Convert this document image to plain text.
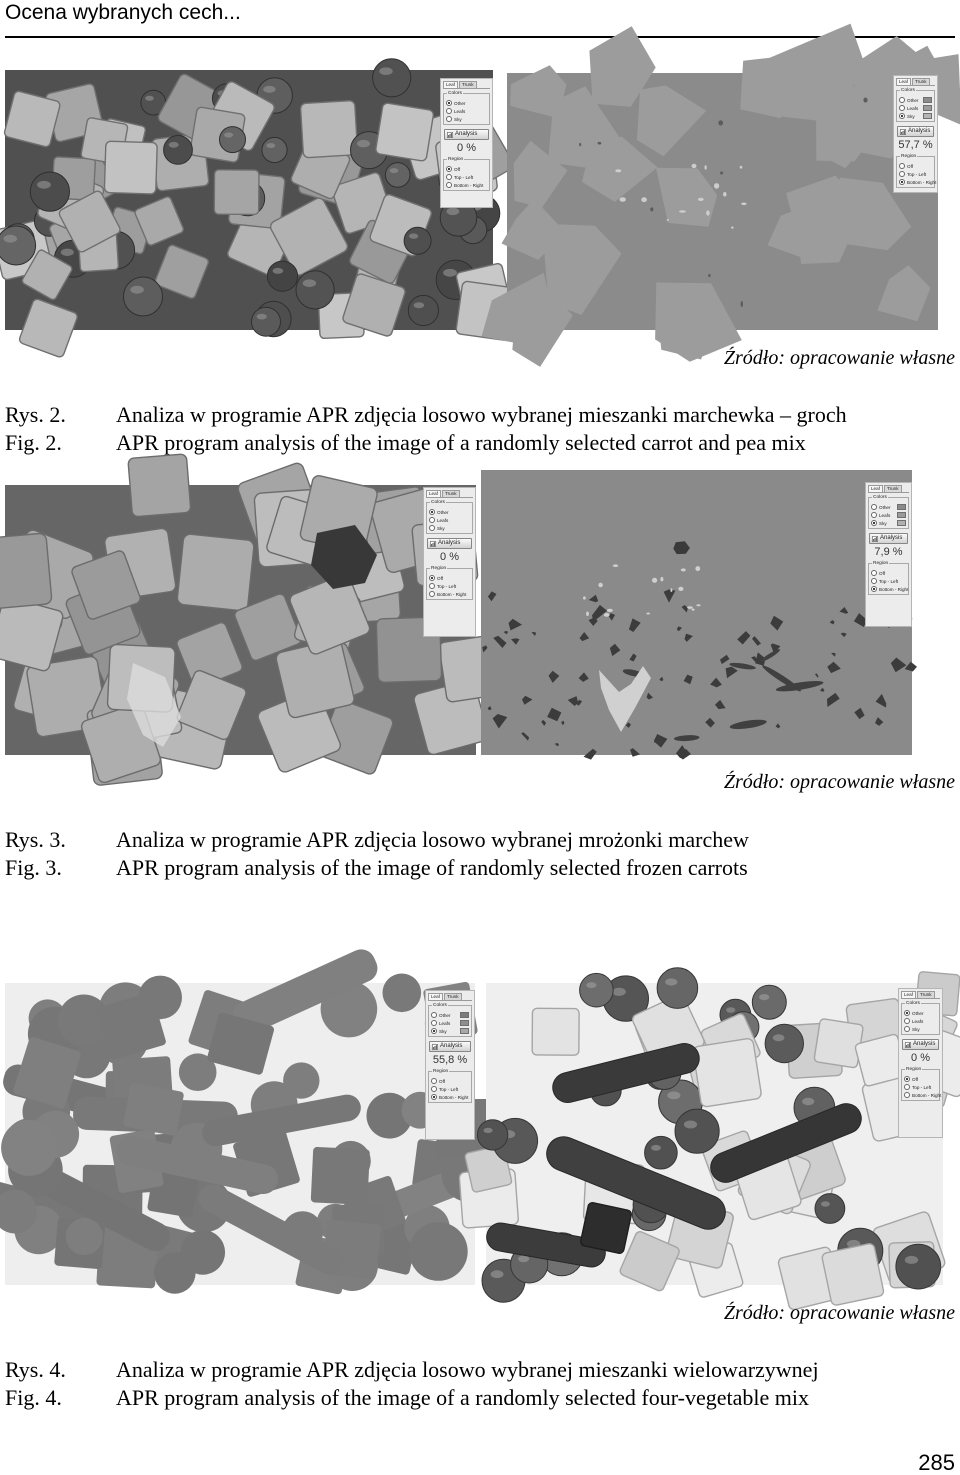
Ocena wybranych cech...
Leaf	Trunk
Colors
Other
Leafs
Sky
Analysis
0 %
Region
Off
Top - Left
Bottom - Right
Leaf	Trunk
Colors
Other
Leafs
Sky
Analysis
57,7 %
Region
Off
Top - Left
Bottom - Right
Źródło: opracowanie własne
Rys. 2. Analiza w programie APR zdjęcia losowo wybranej mieszanki marchewka – groch
Fig. 2. APR program analysis of the image of a randomly selected carrot and pea mix
Leaf	Trunk
Colors
Other
Leafs
Sky
Analysis
0 %
Region
Off
Top - Left
Bottom - Right
Leaf	Trunk
Colors
Other
Leafs
Sky
Analysis
7,9 %
Region
Off
Top - Left
Bottom - Right
Źródło: opracowanie własne
Rys. 3. Analiza w programie APR zdjęcia losowo wybranej mrożonki marchew
Fig. 3. APR program analysis of the image of randomly selected frozen carrots
Leaf	Trunk
Colors
Other
Leafs
Sky
Analysis
55,8 %
Region
Off
Top - Left
Bottom - Right
Leaf	Trunk
Colors
Other
Leafs
Sky
Analysis
0 %
Region
Off
Top - Left
Bottom - Right
Źródło: opracowanie własne
Rys. 4. Analiza w programie APR zdjęcia losowo wybranej mieszanki wielowarzywnej
Fig. 4. APR program analysis of the image of a randomly selected four-vegetable mix
285
